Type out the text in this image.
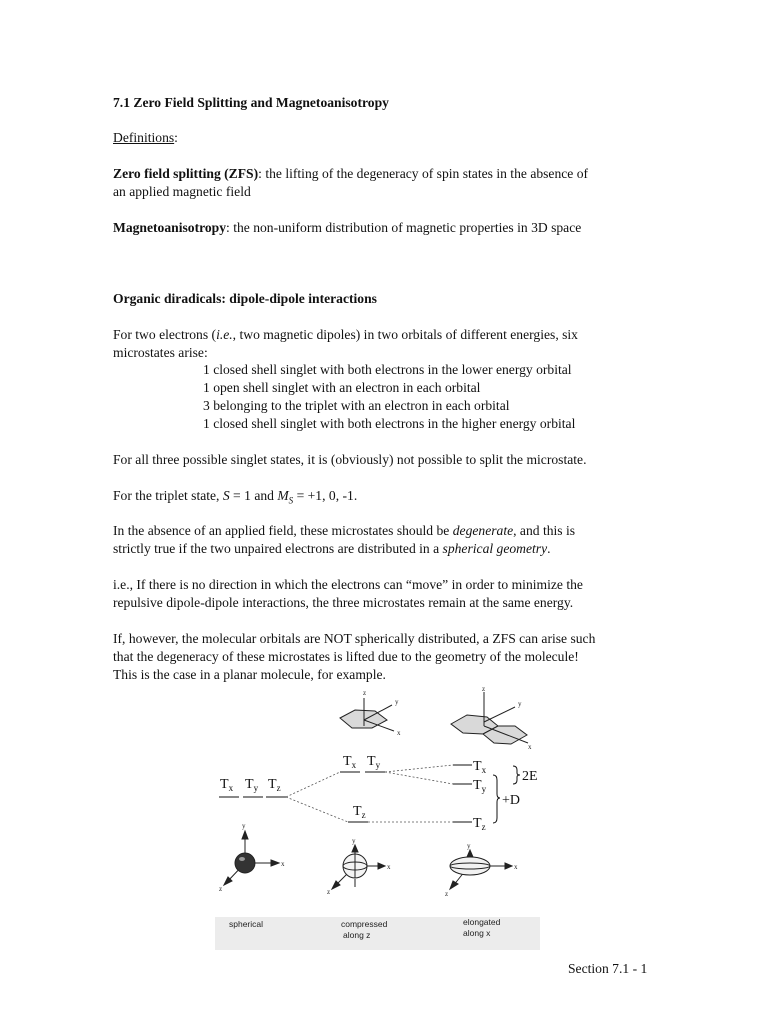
7.1 Zero Field Splitting and Magnetoanisotropy
Definitions:
Zero field splitting (ZFS): the lifting of the degeneracy of spin states in the absence of
an applied magnetic field
Magnetoanisotropy: the non-uniform distribution of magnetic properties in 3D space
Organic diradicals: dipole-dipole interactions
For two electrons (i.e., two magnetic dipoles) in two orbitals of different energies, six
microstates arise:
1 closed shell singlet with both electrons in the lower energy orbital
1 open shell singlet with an electron in each orbital
3 belonging to the triplet with an electron in each orbital
1 closed shell singlet with both electrons in the higher energy orbital
For all three possible singlet states, it is (obviously) not possible to split the microstate.
For the triplet state, S = 1 and $M_S = +1$, 0, -1.
In the absence of an applied field, these microstates should be degenerate, and this is
strictly true if the two unpaired electrons are distributed in a spherical geometry.
i.e., If there is no direction in which the electrons can “move” in order to minimize the
repulsive dipole-dipole interactions, the three microstates remain at the same energy.
If, however, the molecular orbitals are NOT spherically distributed, a ZFS can arise such
that the degeneracy of these microstates is lifted due to the geometry of the molecule!
This is the case in a planar molecule, for example.
z
y
x
z
y
x
$T_x$ $T_y$ $T_z$
$T_x$ $T_y$
$T_z$
$T_x$
$T_y$
$T_z$
2E
+D
y
x
z
y
x
z
y
x
z
spherical	compressed
along z
elongated
along x
Section 7.1 - 1
